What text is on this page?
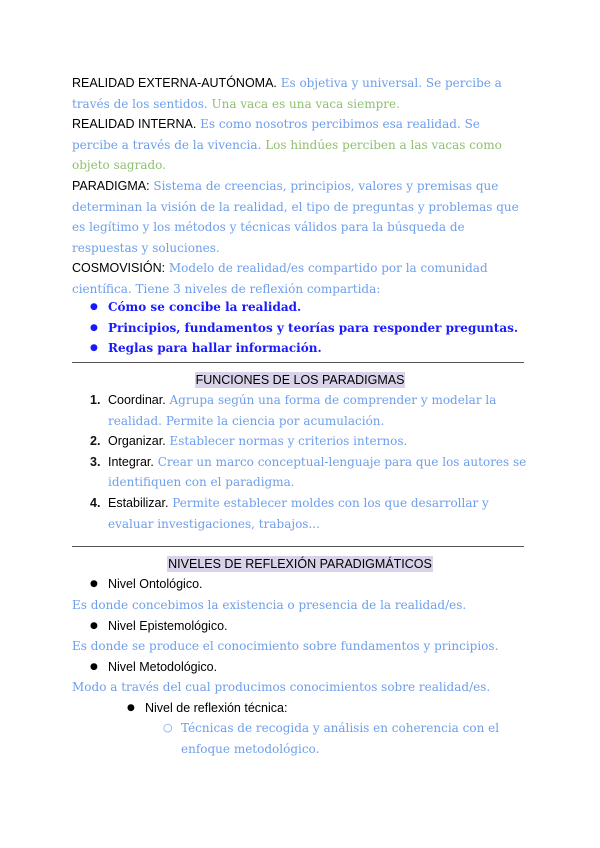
REALIDAD EXTERNA-AUTÓNOMA. Es objetiva y universal. Se percibe a través de los sentidos. Una vaca es una vaca siempre.

REALIDAD INTERNA. Es como nosotros percibimos esa realidad. Se percibe a través de la vivencia. Los hindúes perciben a las vacas como objeto sagrado.

PARADIGMA: Sistema de creencias, principios, valores y premisas que determinan la visión de la realidad, el tipo de preguntas y problemas que es legítimo y los métodos y técnicas válidos para la búsqueda de respuestas y soluciones.

COSMOVISIÓN: Modelo de realidad/es compartido por la comunidad científica. Tiene 3 niveles de reflexión compartida:

● Cómo se concibe la realidad.
● Principios, fundamentos y teorías para responder preguntas.
● Reglas para hallar información.
FUNCIONES DE LOS PARADIGMAS
1. Coordinar. Agrupa según una forma de comprender y modelar la realidad. Permite la ciencia por acumulación.
2. Organizar. Establecer normas y criterios internos.
3. Integrar. Crear un marco conceptual-lenguaje para que los autores se identifiquen con el paradigma.
4. Estabilizar. Permite establecer moldes con los que desarrollar y evaluar investigaciones, trabajos...
NIVELES DE REFLEXIÓN PARADIGMÁTICOS
● Nivel Ontológico.

Es donde concebimos la existencia o presencia de la realidad/es.

● Nivel Epistemológico.

Es donde se produce el conocimiento sobre fundamentos y principios.

● Nivel Metodológico.

Modo a través del cual producimos conocimientos sobre realidad/es.

● Nivel de reflexión técnica:
○ Técnicas de recogida y análisis en coherencia con el enfoque metodológico.
